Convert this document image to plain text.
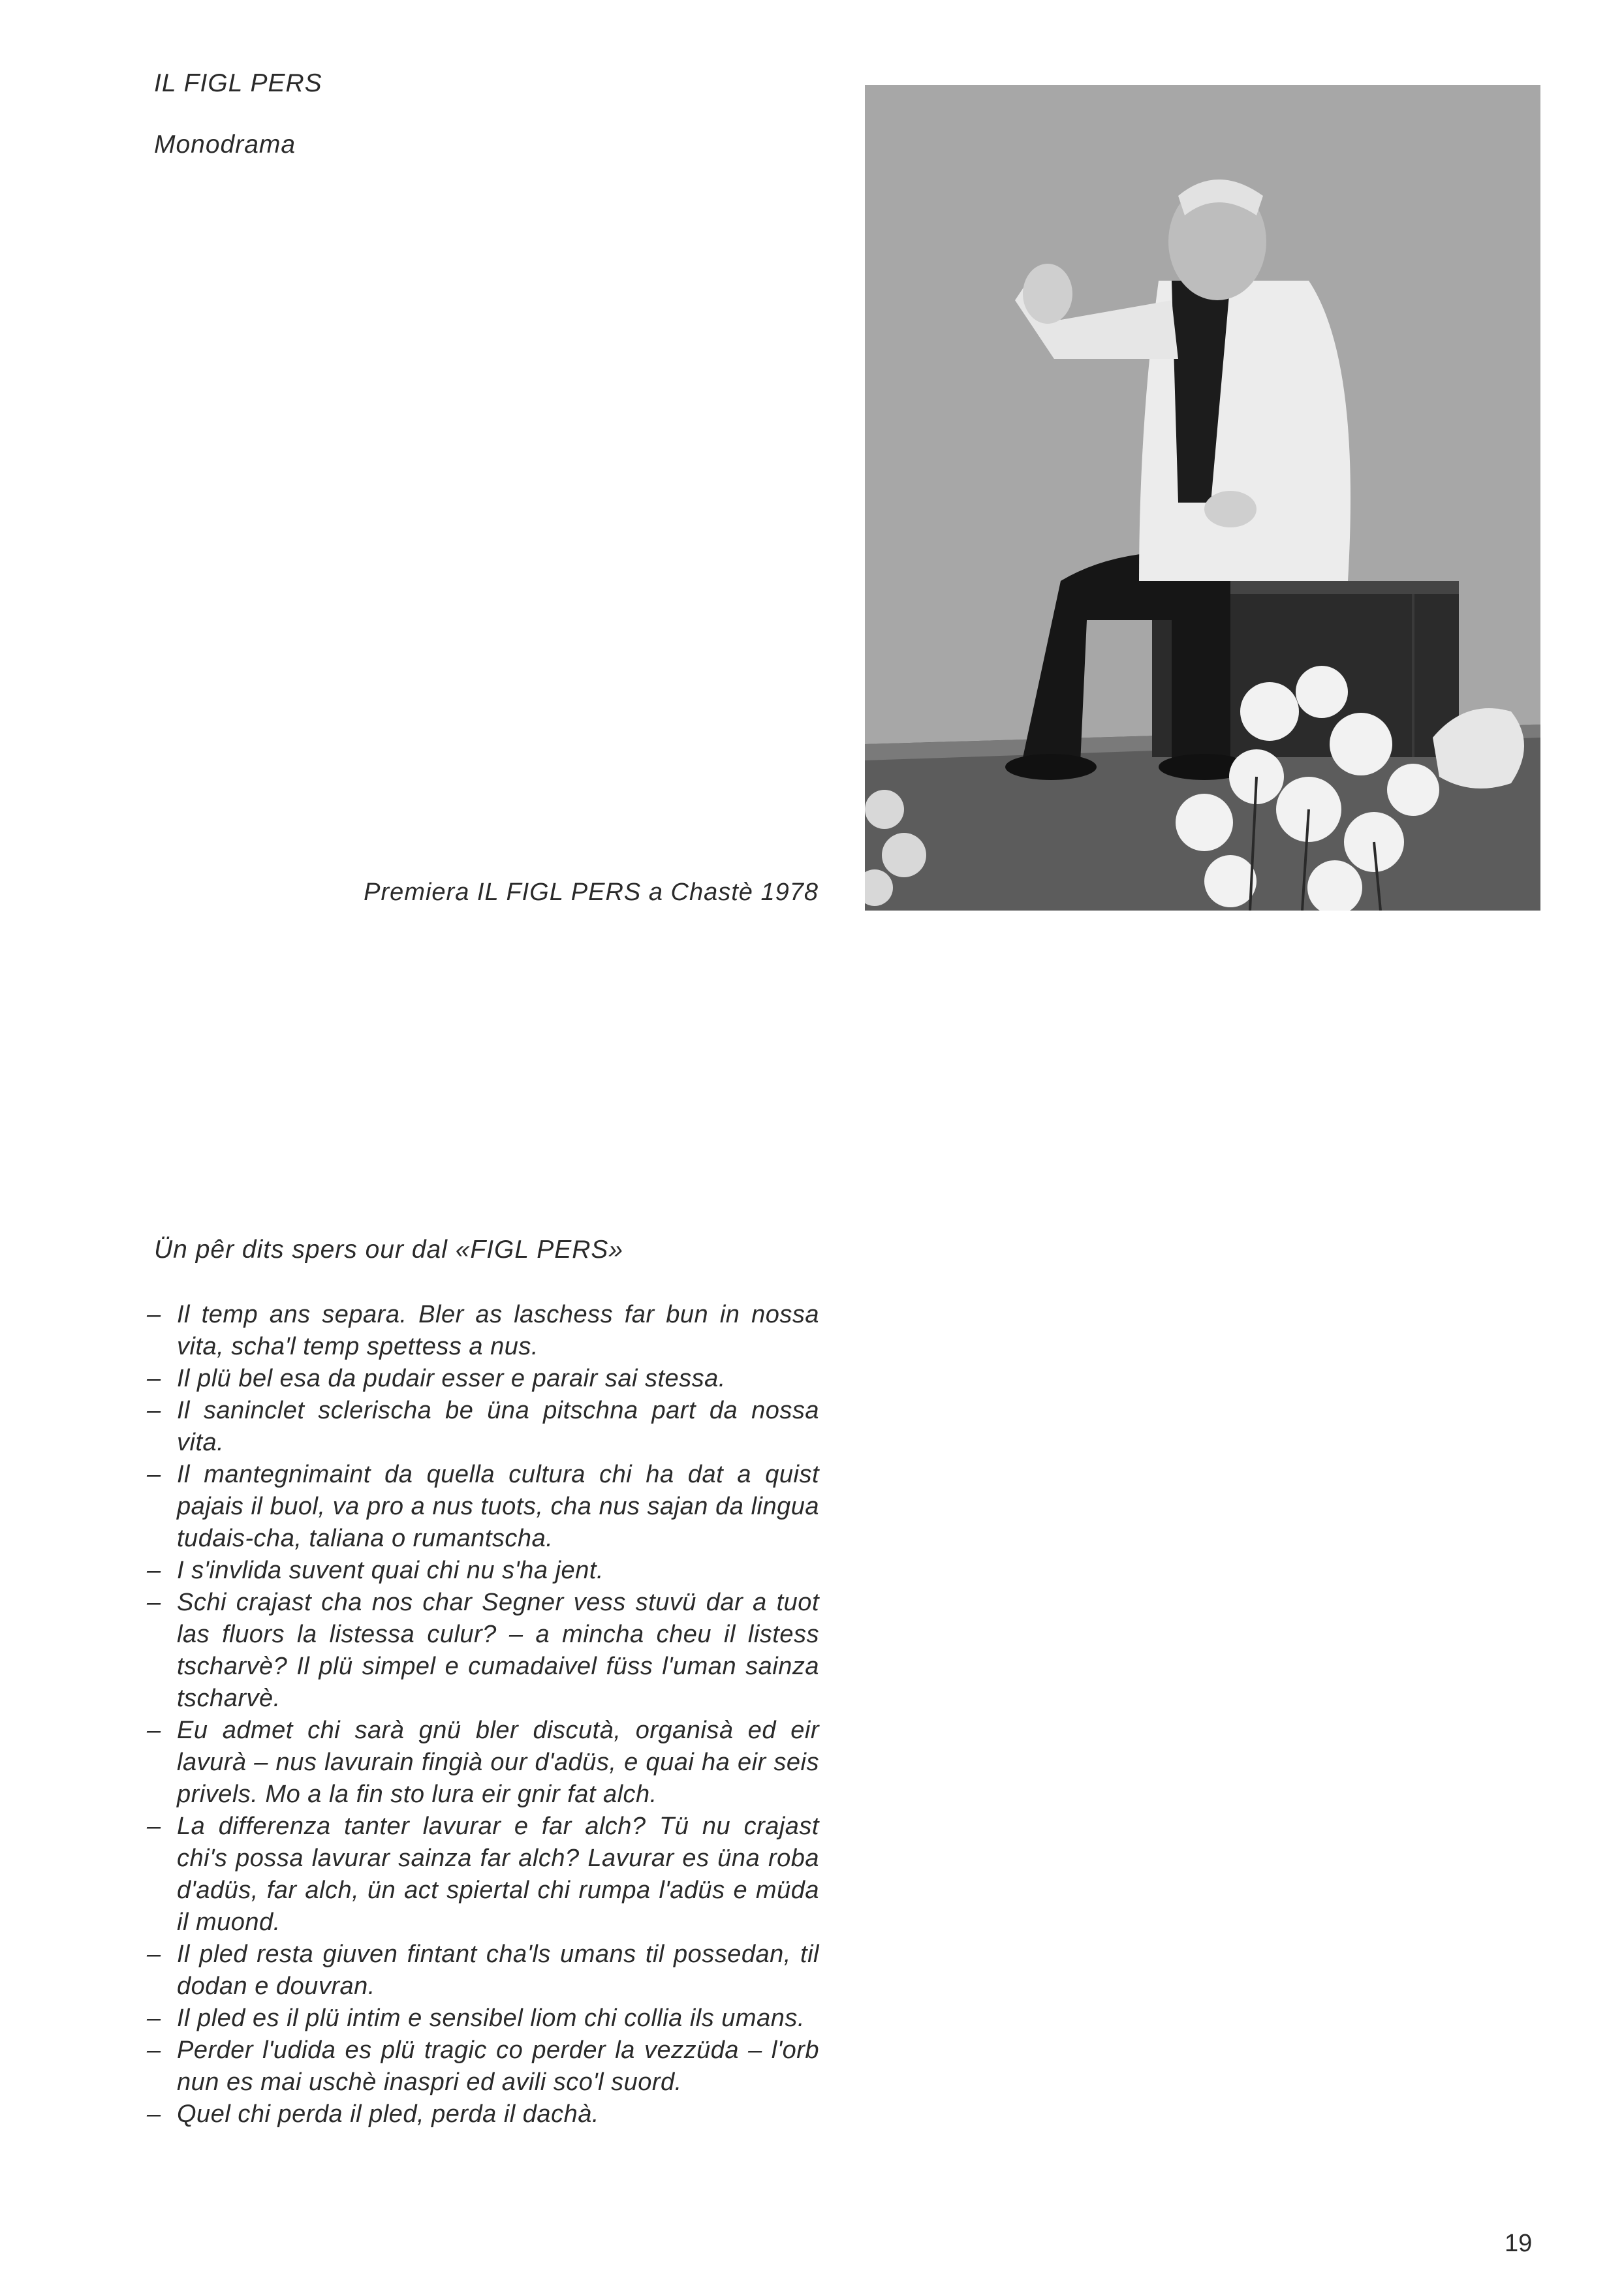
IL FIGL PERS
Monodrama
Premiera IL FIGL PERS a Chastè 1978
Ün pêr dits spers our dal «FIGL PERS»
– Il temp ans separa. Bler as laschess far bun in nossa vita, scha'l temp spettess a nus.
– Il plü bel esa da pudair esser e parair sai stessa.
– Il saninclet sclerischa be üna pitschna part da nossa vita.
– Il mantegnimaint da quella cultura chi ha dat a quist pajais il buol, va pro a nus tuots, cha nus sajan da lingua tudais-cha, taliana o rumantscha.
– I s'invlida suvent quai chi nu s'ha jent.
– Schi crajast cha nos char Segner vess stuvü dar a tuot las fluors la listessa culur? – a mincha cheu il listess tscharvè? Il plü simpel e cumadaivel füss l'uman sainza tscharvè.
– Eu admet chi sarà gnü bler discutà, organisà ed eir lavurà – nus lavurain fingià our d'adüs, e quai ha eir seis privels. Mo a la fin sto lura eir gnir fat alch.
– La differenza tanter lavurar e far alch? Tü nu crajast chi's possa lavurar sainza far alch? Lavurar es üna roba d'adüs, far alch, ün act spiertal chi rumpa l'adüs e müda il muond.
– Il pled resta giuven fintant cha'ls umans til possedan, til dodan e douvran.
– Il pled es il plü intim e sensibel liom chi collia ils umans.
– Perder l'udida es plü tragic co perder la vezzüda – l'orb nun es mai uschè inaspri ed avili sco'l suord.
– Quel chi perda il pled, perda il dachà.
19
